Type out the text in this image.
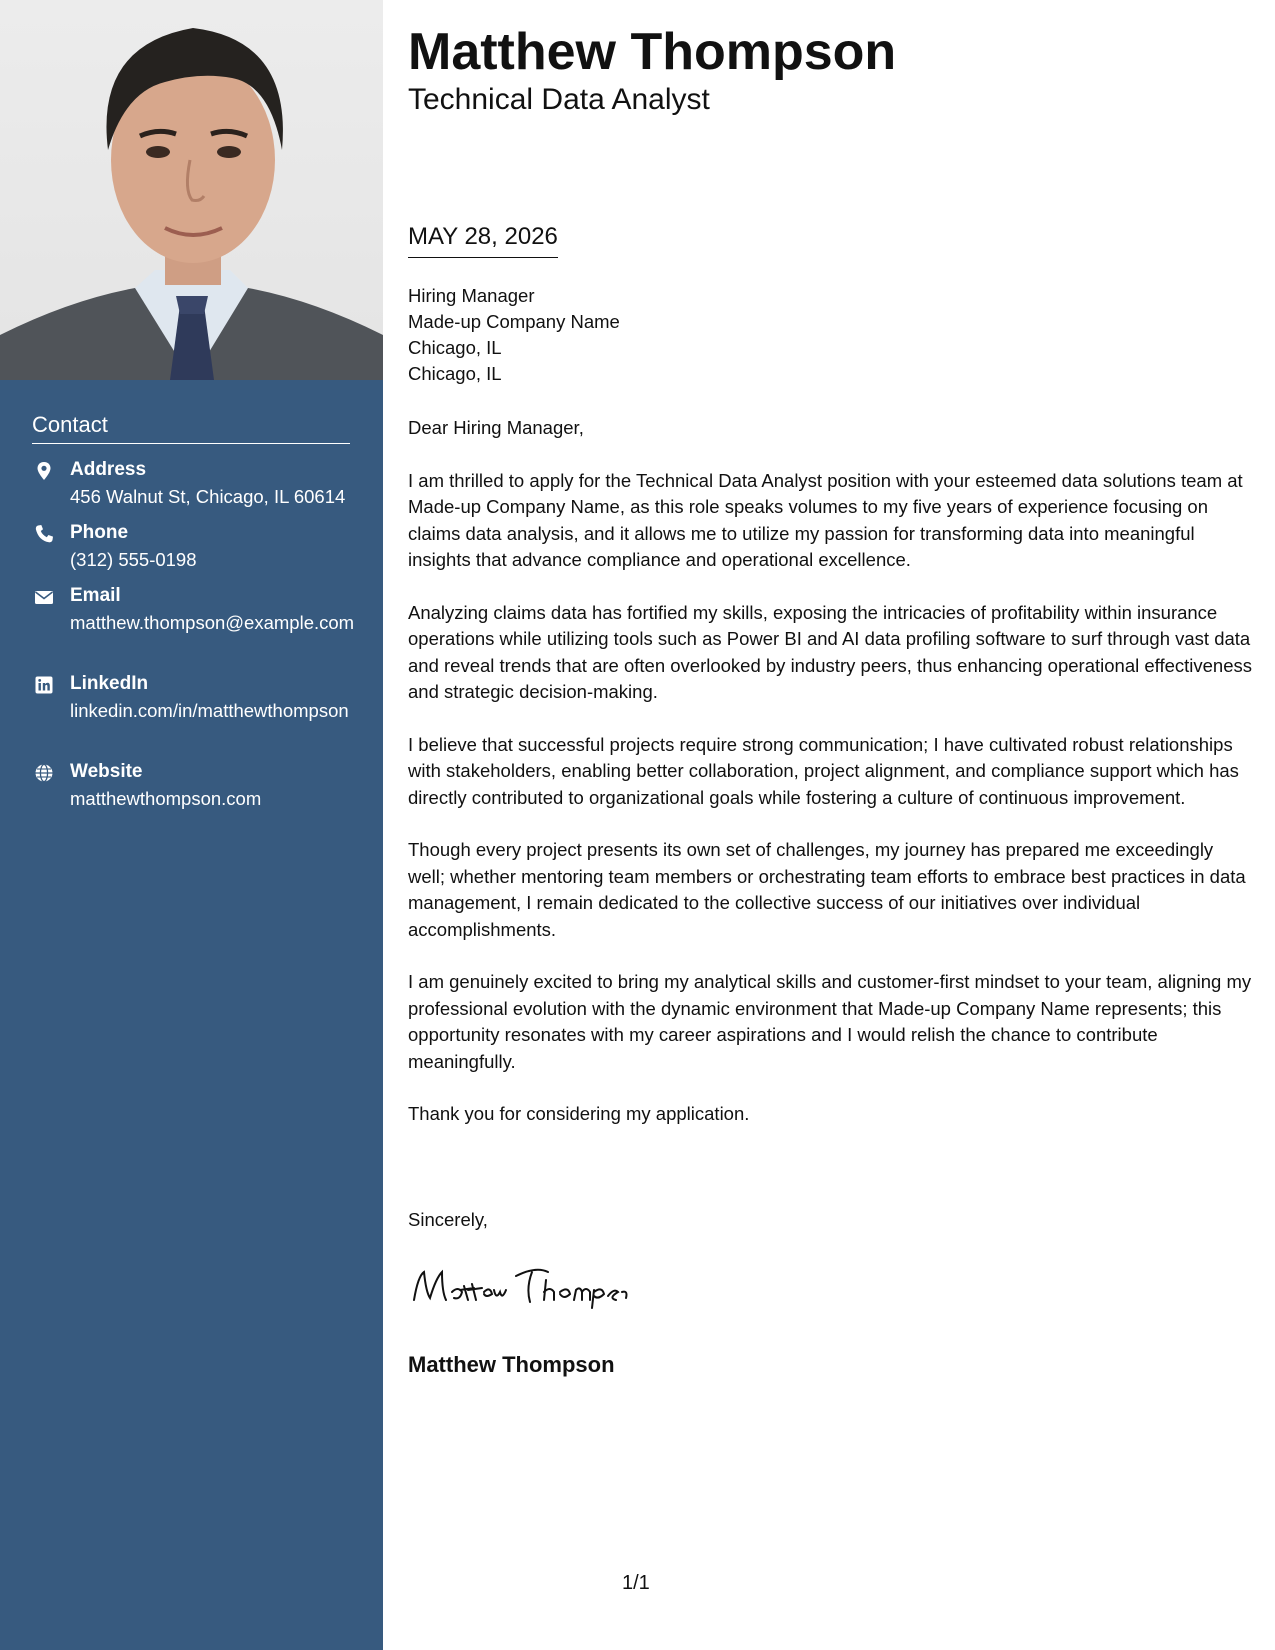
Contact
Address
456 Walnut St, Chicago, IL 60614
Phone
(312) 555-0198
Email
matthew.thompson@example.com
LinkedIn
linkedin.com/in/matthewthompson
Website
matthewthompson.com
Matthew Thompson
Technical Data Analyst
MAY 28, 2026
Hiring Manager
Made-up Company Name
Chicago, IL
Chicago, IL

Dear Hiring Manager,

I am thrilled to apply for the Technical Data Analyst position with your esteemed data solutions team at Made-up Company Name, as this role speaks volumes to my five years of experience focusing on claims data analysis, and it allows me to utilize my passion for transforming data into meaningful insights that advance compliance and operational excellence.

Analyzing claims data has fortified my skills, exposing the intricacies of profitability within insurance operations while utilizing tools such as Power BI and AI data profiling software to surf through vast data and reveal trends that are often overlooked by industry peers, thus enhancing operational effectiveness and strategic decision-making.

I believe that successful projects require strong communication; I have cultivated robust relationships with stakeholders, enabling better collaboration, project alignment, and compliance support which has directly contributed to organizational goals while fostering a culture of continuous improvement.

Though every project presents its own set of challenges, my journey has prepared me exceedingly well; whether mentoring team members or orchestrating team efforts to embrace best practices in data management, I remain dedicated to the collective success of our initiatives over individual accomplishments.

I am genuinely excited to bring my analytical skills and customer-first mindset to your team, aligning my professional evolution with the dynamic environment that Made-up Company Name represents; this opportunity resonates with my career aspirations and I would relish the chance to contribute meaningfully.

Thank you for considering my application.

Sincerely,
Matthew Thompson
1/1
